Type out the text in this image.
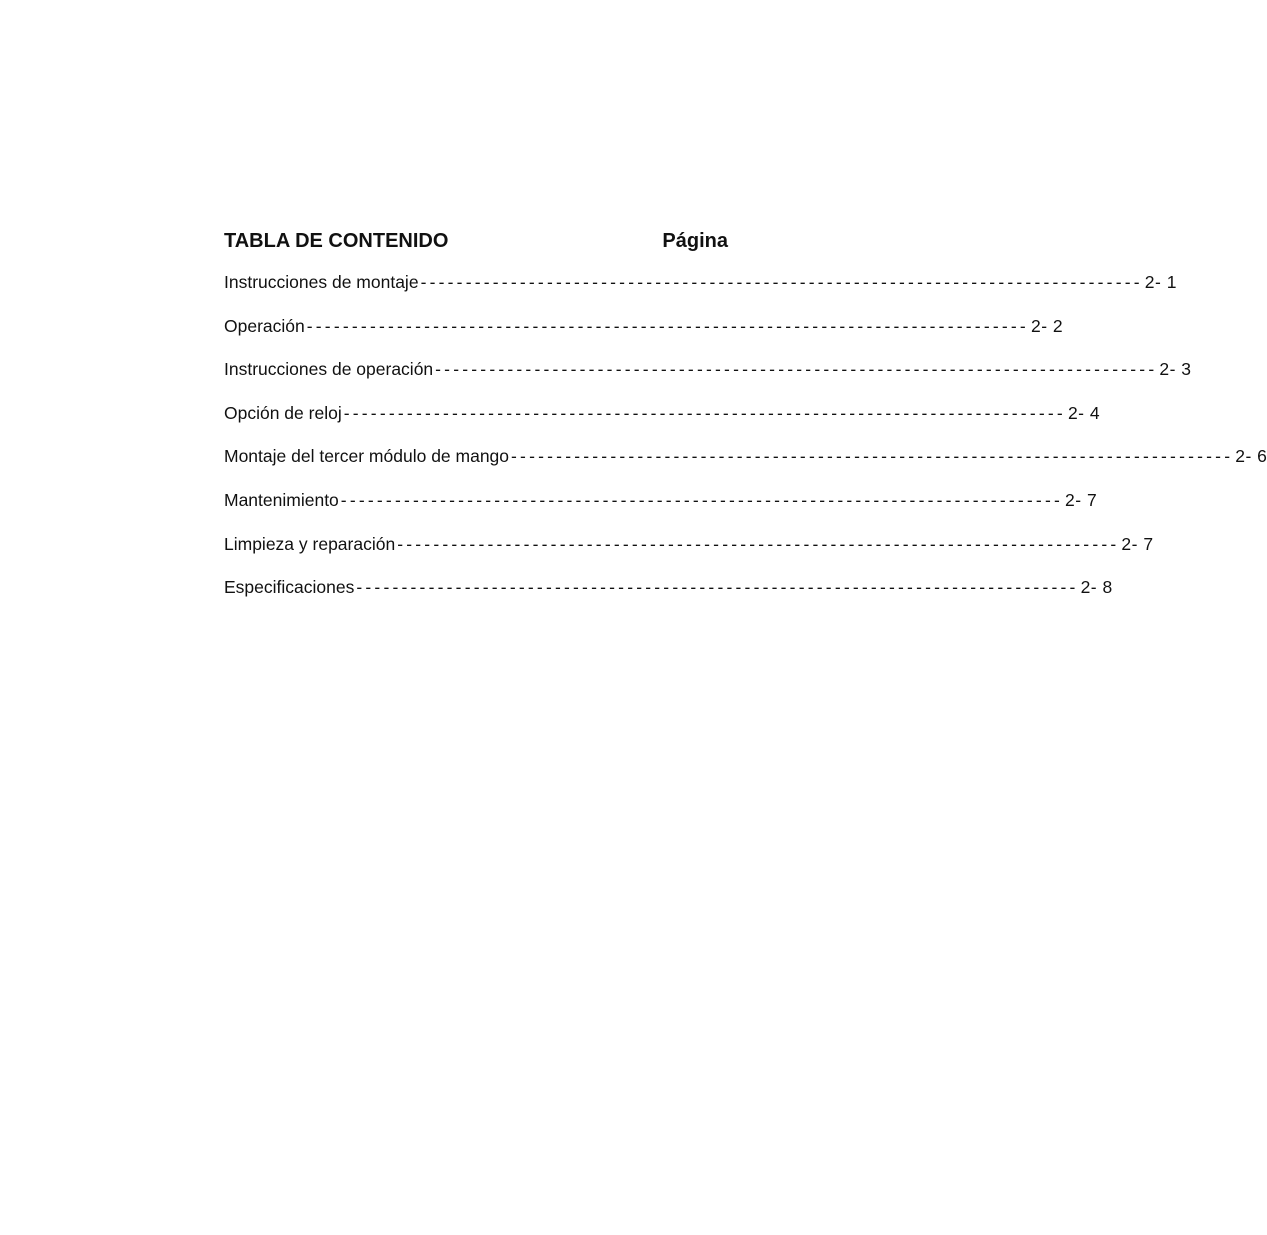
TABLA DE CONTENIDO	Página
Instrucciones de montaje -------------------------------------------------------------------------------- 2- 1
Operación -------------------------------------------------------------------------------- 2- 2
Instrucciones de operación -------------------------------------------------------------------------------- 2- 3
Opción de reloj -------------------------------------------------------------------------------- 2- 4
Montaje del tercer módulo de mango -------------------------------------------------------------------------------- 2- 6
Mantenimiento -------------------------------------------------------------------------------- 2- 7
Limpieza y reparación -------------------------------------------------------------------------------- 2- 7
Especificaciones -------------------------------------------------------------------------------- 2- 8
